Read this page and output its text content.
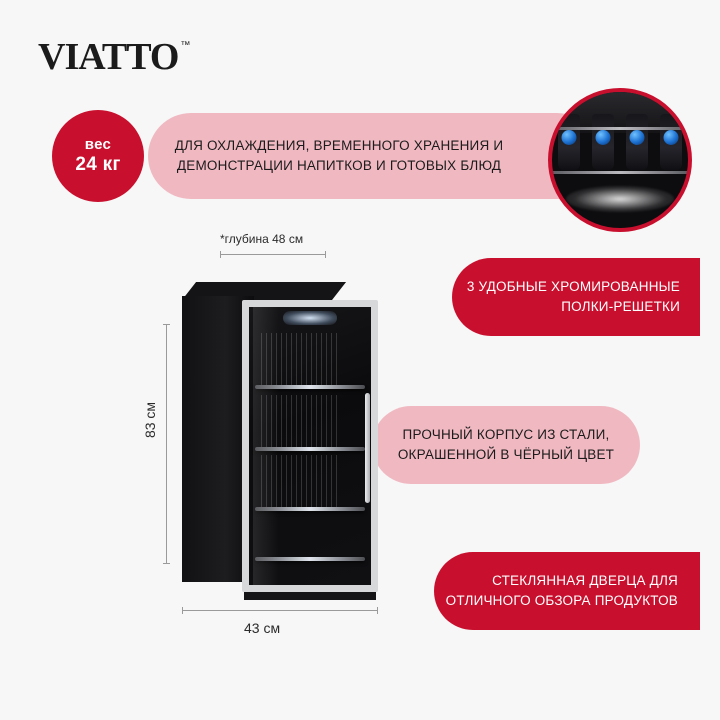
VIATTO ™
вес
24 кг
ДЛЯ ОХЛАЖДЕНИЯ, ВРЕМЕННОГО ХРАНЕНИЯ И ДЕМОНСТРАЦИИ НАПИТКОВ И ГОТОВЫХ БЛЮД
3 УДОБНЫЕ ХРОМИРОВАННЫЕ ПОЛКИ-РЕШЕТКИ
ПРОЧНЫЙ КОРПУС ИЗ СТАЛИ, ОКРАШЕННОЙ В ЧЁРНЫЙ ЦВЕТ
СТЕКЛЯННАЯ ДВЕРЦА ДЛЯ ОТЛИЧНОГО ОБЗОРА ПРОДУКТОВ
*глубина 48 см
83 см
43 см
